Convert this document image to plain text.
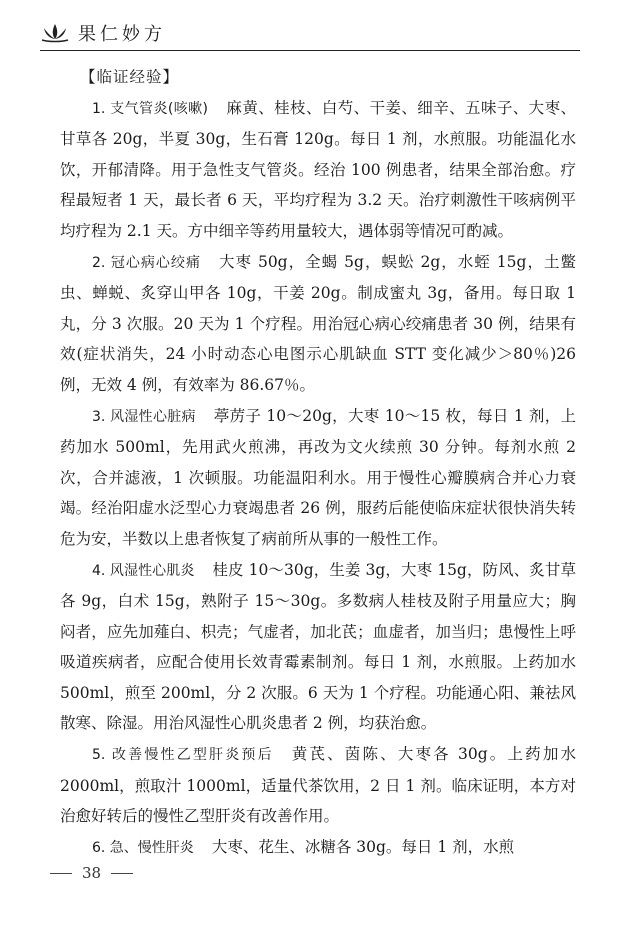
果仁妙方
【临证经验】

1. 支气管炎(咳嗽) 麻黄、桂枝、白芍、干姜、细辛、五味子、大枣、甘草各 20g，半夏 30g，生石膏 120g。每日 1 剂，水煎服。功能温化水饮，开郁清降。用于急性支气管炎。经治 100 例患者，结果全部治愈。疗程最短者 1 天，最长者 6 天，平均疗程为 3.2 天。治疗刺激性干咳病例平均疗程为 2.1 天。方中细辛等药用量较大，遇体弱等情况可酌减。

2. 冠心病心绞痛 大枣 50g，全蝎 5g，蜈蚣 2g，水蛭 15g，土鳖虫、蝉蜕、炙穿山甲各 10g，干姜 20g。制成蜜丸 3g，备用。每日取 1 丸，分 3 次服。20 天为 1 个疗程。用治冠心病心绞痛患者 30 例，结果有效(症状消失，24 小时动态心电图示心肌缺血 STT 变化减少＞80％)26 例，无效 4 例，有效率为 86.67％。

3. 风湿性心脏病 葶苈子 10～20g，大枣 10～15 枚，每日 1 剂，上药加水 500ml，先用武火煎沸，再改为文火续煎 30 分钟。每剂水煎 2 次，合并滤液，1 次顿服。功能温阳利水。用于慢性心瓣膜病合并心力衰竭。经治阳虚水泛型心力衰竭患者 26 例，服药后能使临床症状很快消失转危为安，半数以上患者恢复了病前所从事的一般性工作。

4. 风湿性心肌炎 桂皮 10～30g，生姜 3g，大枣 15g，防风、炙甘草各 9g，白术 15g，熟附子 15～30g。多数病人桂枝及附子用量应大；胸闷者，应先加薤白、枳壳；气虚者，加北芪；血虚者，加当归；患慢性上呼吸道疾病者，应配合使用长效青霉素制剂。每日 1 剂，水煎服。上药加水 500ml，煎至 200ml，分 2 次服。6 天为 1 个疗程。功能通心阳、兼祛风散寒、除湿。用治风湿性心肌炎患者 2 例，均获治愈。

5. 改善慢性乙型肝炎预后 黄芪、茵陈、大枣各 30g。上药加水 2000ml，煎取汁 1000ml，适量代茶饮用，2 日 1 剂。临床证明，本方对治愈好转后的慢性乙型肝炎有改善作用。

6. 急、慢性肝炎 大枣、花生、冰糖各 30g。每日 1 剂，水煎

38
